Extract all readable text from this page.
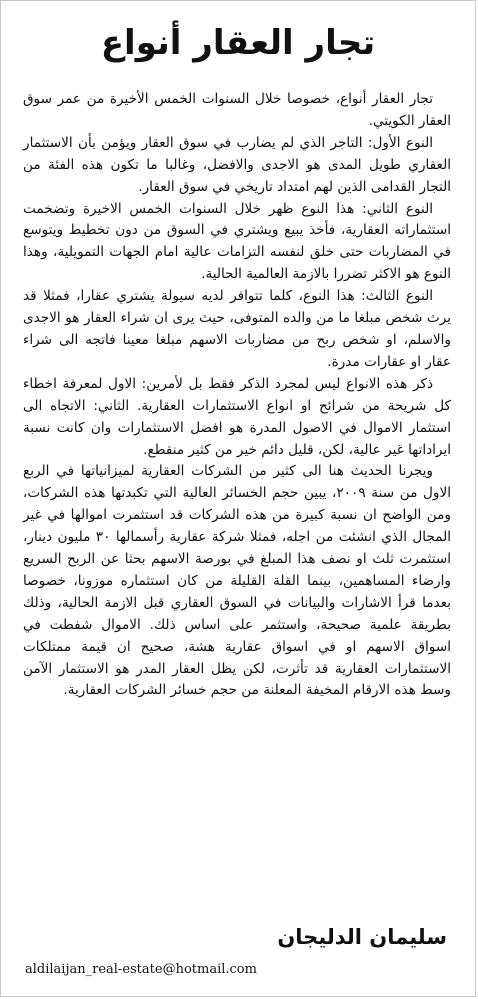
تجار العقار أنواع

تجار العقار أنواع، خصوصا خلال السنوات الخمس الأخيرة من عمر سوق العقار الكويتي.

النوع الأول: التاجر الذي لم يضارب في سوق العقار ويؤمن بأن الاستثمار العقاري طويل المدى هو الاجدى والافضل، وغالبا ما تكون هذه الفئة من التجار القدامى الذين لهم امتداد تاريخي في سوق العقار.

النوع الثاني: هذا النوع ظهر خلال السنوات الخمس الاخيرة وتضخمت استثماراته العقارية، فأخذ يبيع ويشتري في السوق من دون تخطيط ويتوسع في المضاربات حتى خلق لنفسه التزامات عالية امام الجهات التمويلية، وهذا النوع هو الاكثر تضررا بالازمة العالمية الحالية.

النوع الثالث: هذا النوع، كلما تتوافر لديه سيولة يشتري عقارا، فمثلا قد يرث شخص مبلغا ما من والده المتوفى، حيث يرى ان شراء العقار هو الاجدى والاسلم، او شخص ربح من مضاربات الاسهم مبلغا معينا فاتجه الى شراء عقار او عقارات مدرة.

ذكر هذه الانواع ليس لمجرد الذكر فقط بل لأمرين: الاول لمعرفة اخطاء كل شريحة من شرائح او انواع الاستثمارات العقارية. الثاني: الاتجاه الى استثمار الاموال في الاصول المدرة هو افضل الاستثمارات وان كانت نسبة ايراداتها غير عالية، لكن، قليل دائم خير من كثير منقطع.

ويجرنا الحديث هنا الى كثير من الشركات العقارية لميزانياتها في الربع الاول من سنة ٢٠٠٩، يبين حجم الخسائر العالية التي تكبدتها هذه الشركات، ومن الواضح ان نسبة كبيرة من هذه الشركات قد استثمرت اموالها في غير المجال الذي انشئت من اجله، فمثلا شركة عقارية رأسمالها ٣٠ مليون دينار، استثمرت ثلث او نصف هذا المبلغ في بورصة الاسهم بحثا عن الربح السريع وارضاء المساهمين، بينما القلة القليلة من كان استثماره موزونا، خصوصا بعدما قرأ الاشارات والبيانات في السوق العقاري قبل الازمة الحالية، وذلك بطريقة علمية صحيحة، واستثمر على اساس ذلك. الاموال شفطت في اسواق الاسهم او في اسواق عقارية هشة، صحيح ان قيمة ممتلكات الاستثمارات العقارية قد تأثرت، لكن يظل العقار المدر هو الاستثمار الآمن وسط هذه الارقام المخيفة المعلنة من حجم خسائر الشركات العقارية.

سليمان الدليجان
aldilaijan_real-estate@hotmail.com
